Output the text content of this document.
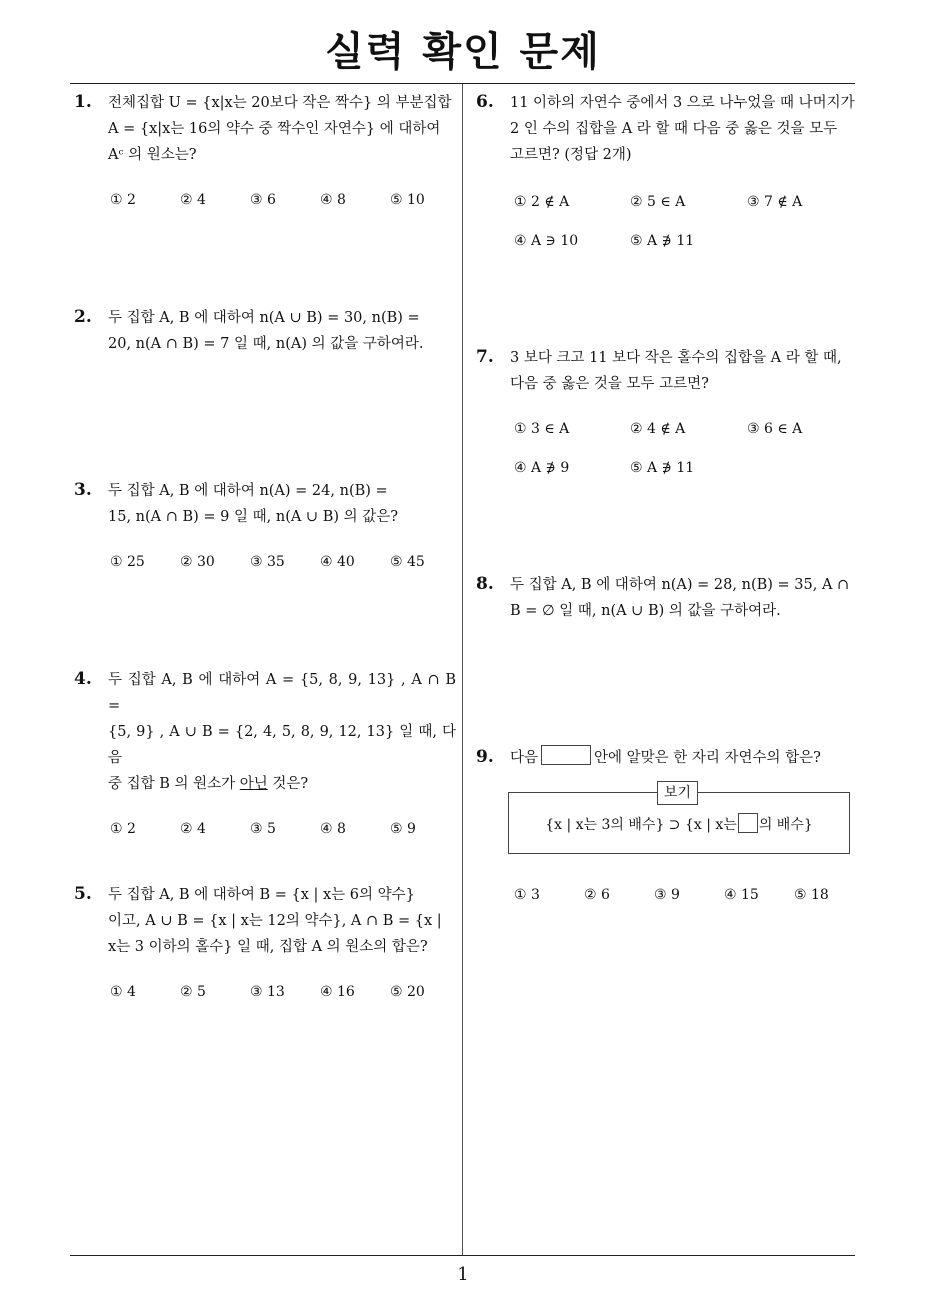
실력 확인 문제
1
1. 전체집합 U = {x|x는 20보다 작은 짝수} 의 부분집합
A = {x|x는 16의 약수 중 짝수인 자연수} 에 대하여
Aᶜ 의 원소는?
① 2	② 4	③ 6	④ 8	⑤ 10
2. 두 집합 A, B 에 대하여 n(A ∪ B) = 30, n(B) =
20, n(A ∩ B) = 7 일 때, n(A) 의 값을 구하여라.
3. 두 집합 A, B 에 대하여 n(A) = 24, n(B) =
15, n(A ∩ B) = 9 일 때, n(A ∪ B) 의 값은?
① 25	② 30	③ 35	④ 40	⑤ 45
4. 두 집합 A, B 에 대하여 A = {5, 8, 9, 13} , A ∩ B =
{5, 9} , A ∪ B = {2, 4, 5, 8, 9, 12, 13} 일 때, 다음
중 집합 B 의 원소가 아닌 것은?
① 2	② 4	③ 5	④ 8	⑤ 9
5. 두 집합 A, B 에 대하여 B = {x | x는 6의 약수}
이고, A ∪ B = {x | x는 12의 약수}, A ∩ B = {x |
x는 3 이하의 홀수} 일 때, 집합 A 의 원소의 합은?
① 4	② 5	③ 13	④ 16	⑤ 20
6. 11 이하의 자연수 중에서 3 으로 나누었을 때 나머지가
2 인 수의 집합을 A 라 할 때 다음 중 옳은 것을 모두
고르면? (정답 2개)
① 2 ∉ A	② 5 ∈ A	③ 7 ∉ A
④ A ∋ 10	⑤ A ∌ 11
7. 3 보다 크고 11 보다 작은 홀수의 집합을 A 라 할 때,
다음 중 옳은 것을 모두 고르면?
① 3 ∈ A	② 4 ∉ A	③ 6 ∈ A
④ A ∌ 9	⑤ A ∌ 11
8. 두 집합 A, B 에 대하여 n(A) = 28, n(B) = 35, A ∩
B = ∅ 일 때, n(A ∪ B) 의 값을 구하여라.
9. 다음	안에 알맞은 한 자리 자연수의 합은?
보기
{x | x는 3의 배수} ⊃ {x | x는 의 배수}
① 3	② 6	③ 9	④ 15	⑤ 18
